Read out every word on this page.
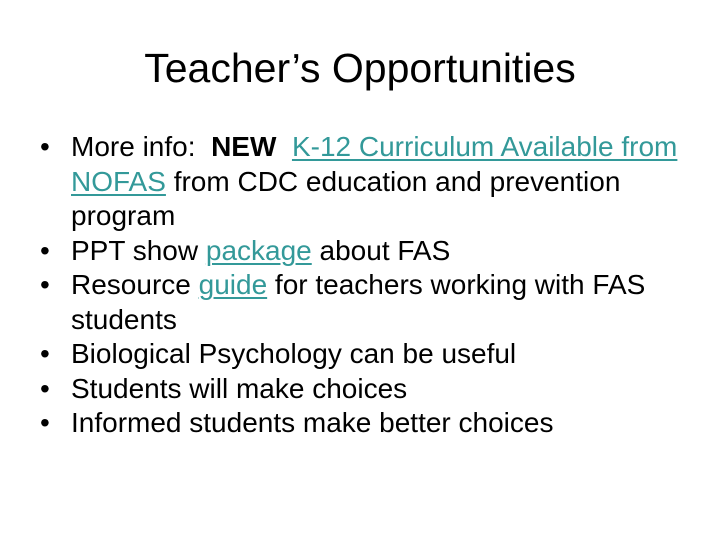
Teacher’s Opportunities
• More info:  NEW  K-12 Curriculum Available from NOFAS from CDC education and prevention program
• PPT show package about FAS
• Resource guide for teachers working with FAS students
• Biological Psychology can be useful
• Students will make choices
• Informed students make better choices
